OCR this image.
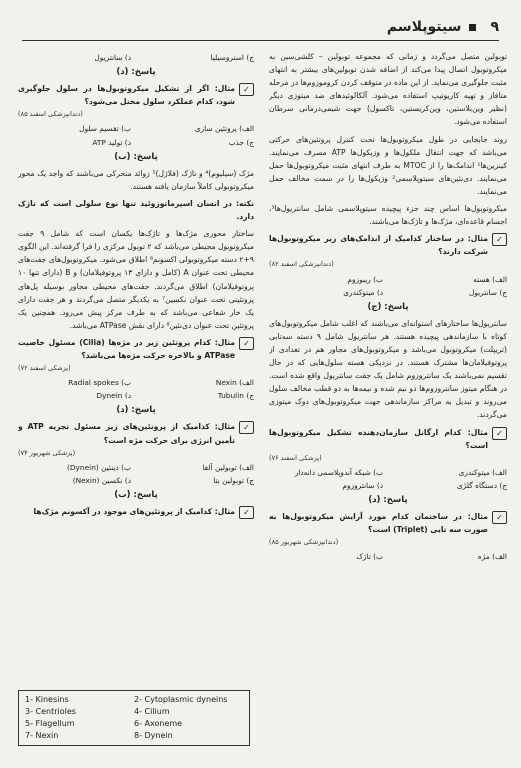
۹
سیتوپلاسم

توبولین متصل می‌گردد و زمانی که مجموعه توبولین – کلشی‌سین به میکروتوبول اتصال پیدا می‌کند از اضافه شدن توبولین‌های بیشتر به انتهای مثبت جلوگیری می‌نماید. از این ماده در متوقف کردن کروموزوم‌ها در مرحله متافاز و تهیه کاریوتیپ استفاده می‌شود. آلکالوئیدهای ضد میتوزی دیگر (نظیر وین‌بلاستین، وین‌کریستین، تاکسول) جهت شیمی‌درمانی سرطان استفاده می‌شود.

روند جابجایی در طول میکروتوبول‌ها تحت کنترل پروتئین‌های حرکتی می‌باشد که جهت انتقال ملکول‌ها و وزیکول‌ها ATP مصرف می‌نمایند. کینزین‌ها¹ اندامک‌ها را از MTOC به طرف انتهای مثبت میکروتوبول‌ها حمل می‌نمایند. دی‌نئین‌های سیتوپلاسمی² وزیکول‌ها را در سمت مخالف حمل می‌نمایند.

میکروتوبول‌ها اساس چند جزء پیچیده سیتوپلاسمی شامل سانتریول‌ها³، اجسام قاعده‌ای، مژک‌ها و تاژک‌ها می‌باشند.

✓
مثال: در ساختار کدامیک از اندامک‌های زیر میکروتوبول‌ها شرکت دارند؟
(دندانپزشکی اسفند ۸۲)
الف) هسته
ب) ریبوزوم
ج) سانتریول
د) میتوکندری
پاسخ: (ج)

سانتریول‌ها ساختارهای استوانه‌ای می‌باشند که اغلب شامل میکروتوبول‌های کوتاه با سازماندهی پیچیده هستند. هر سانتریول شامل ۹ دسته سه‌تایی (تریپلت) میکروتوبول می‌باشد و میکروتوبول‌های مجاور هم در تعدادی از پروتوفیلامان‌ها مشترک هستند. در نزدیکی هسته سلول‌هایی که در حال تقسیم نمی‌باشند یک سانتروزوم شامل یک جفت سانتریول واقع شده است. در هنگام میتوز سانتروزوم‌ها دو نیم شده و نیمه‌ها به دو قطب مخالف سلول می‌روند و تبدیل به مراکز سازماندهی جهت میکروتوبول‌های دوک میتوزی می‌گردند.

✓
مثال: کدام ارگانل سازمان‌دهنده تشکیل میکروتوبول‌ها است؟
(پزشکی اسفند ۷۶)
الف) میتوکندری
ب) شبکه آندوپلاسمی دانه‌دار
ج) دستگاه گلژی
د) سانتروزوم
پاسخ: (د)
✓
مثال: در ساختمان کدام مورد آرایش میکروتوبول‌ها به صورت سه تایی (Triplet) است؟
(دندانپزشکی شهریور ۸۵)
الف) مژه
ب) تاژک
ج) استروسیلیا
د) سانتریول
پاسخ: (د)
✓
مثال: اگر از تشکیل میکروتوبول‌ها در سلول جلوگیری شود، کدام عملکرد سلول مختل می‌شود؟
(دندانپزشکی اسفند ۸۵)
الف) پروتئین سازی
ب) تقسیم سلول
ج) جذب
د) تولید ATP
پاسخ: (ب)

مژک (سیلیوم)⁴ و تاژک (فلاژل)⁵ زوائد متحرکی می‌باشند که واجد یک محور میکروتوبولی کاملاً سازمان یافته هستند.

نکته: در انسان اسپرماتوزوئید تنها نوع سلولی است که تاژک دارد.

ساختار محوری مژک‌ها و تاژک‌ها یکسان است که شامل ۹ جفت میکروتوبول محیطی می‌باشد که ۲ توبول مرکزی را فرا گرفته‌اند. این الگوی ۹+۲ دسته میکروتوبولی اکسونم⁶ اطلاق می‌شود. میکروتوبول‌های جفت‌های محیطی تحت عنوان A (کامل و دارای ۱۳ پروتوفیلامان) و B (دارای تنها ۱۰ پروتوفیلامان) اطلاق می‌گردند. جفت‌های محیطی مجاور بوسیله پل‌های پروتئینی تحت عنوان نکسین⁷ به یکدیگر متصل می‌گردند و هر جفت دارای یک خار شعاعی می‌باشد که به طرف مرکز پیش می‌رود. همچنین یک پروتئین تحت عنوان دی‌نئین⁸ دارای نقش ATPase می‌باشد.

✓
مثال: کدام پروتئین زیر در مژه‌ها (Cilia) مسئول خاصیت ATPase و بالاخره حرکت مژه‌ها می‌باشد؟
(پزشکی اسفند ۷۲)
الف) Nexin
ب) Radial spokes
ج) Tubulin
د) Dynein
پاسخ: (د)
✓
مثال: کدامیک از پروتئین‌های زیر مسئول تجزیه ATP و تأمین انرژی برای حرکت مژه است؟
(پزشکی شهریور ۷۴)
الف) توبولین آلفا
ب) دینئین (Dynein)
ج) توبولین بتا
د) نکسین (Nexin)
پاسخ: (ب)
✓
مثال: کدامیک از پروتئین‌های موجود در آکسونم مژک‌ها
1- Kinesins	2- Cytoplasmic dyneins
3- Centrioles	4- Cilium
5- Flagellum	6- Axoneme
7- Nexin	8- Dynein
